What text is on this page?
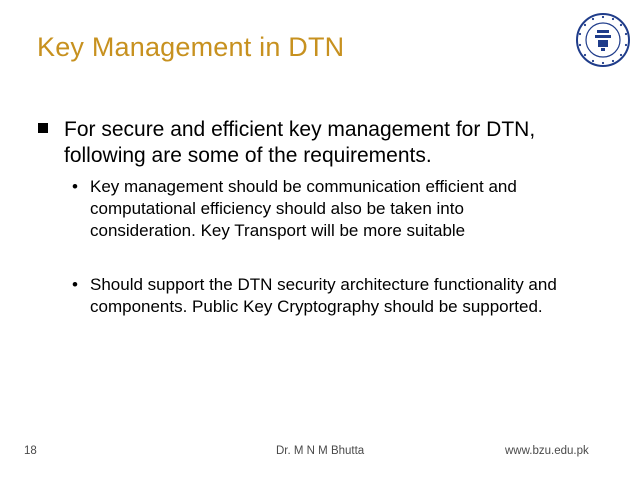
Key Management in DTN
For secure and efficient key management for DTN, following are some of the requirements.
• Key management should be communication efficient and computational efficiency should also be taken into consideration. Key Transport will be more suitable
• Should support the DTN security architecture functionality and components. Public Key Cryptography should be supported.
18	Dr. M N M Bhutta	www.bzu.edu.pk
